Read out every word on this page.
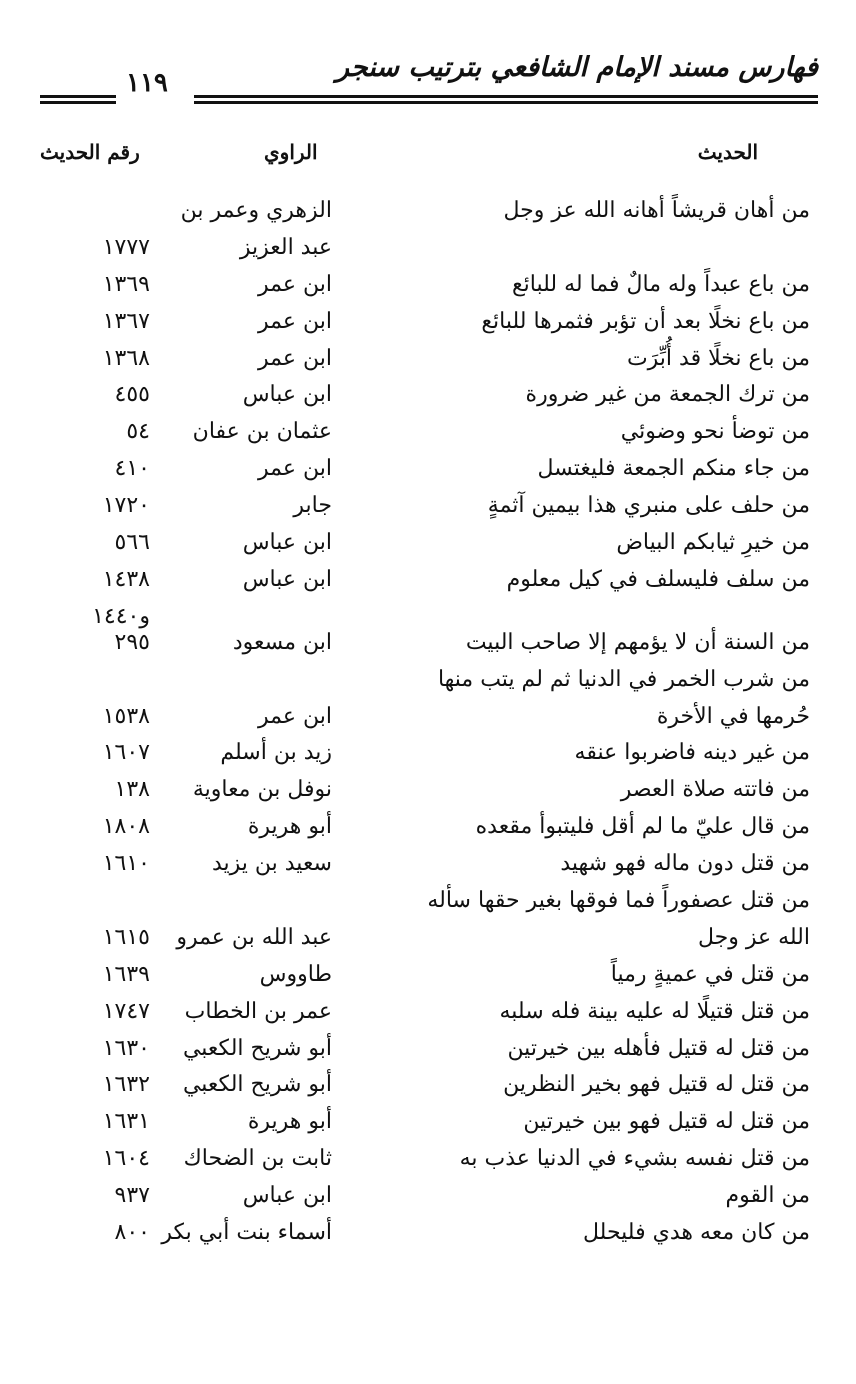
فهارس مسند الإمام الشافعي بترتيب سنجر
١١٩
الحديث
الراوي
رقم الحديث
من أهان قريشاً أهانه الله عز وجل
الزهري وعمر بن
عبد العزيز
١٧٧٧
من باع عبداً وله مالٌ فما له للبائع
ابن عمر
١٣٦٩
من باع نخلًا بعد أن تؤبر فثمرها للبائع
ابن عمر
١٣٦٧
من باع نخلًا قد أُبِّرَت
ابن عمر
١٣٦٨
من ترك الجمعة من غير ضرورة
ابن عباس
٤٥٥
من توضأ نحو وضوئي
عثمان بن عفان
٥٤
من جاء منكم الجمعة فليغتسل
ابن عمر
٤١٠
من حلف على منبري هذا بيمين آثمةٍ
جابر
١٧٢٠
من خيرِ ثيابكم البياض
ابن عباس
٥٦٦
من سلف فليسلف في كيل معلوم
ابن عباس
١٤٣٨
و١٤٤٠
من السنة أن لا يؤمهم إلا صاحب البيت
ابن مسعود
٢٩٥
من شرب الخمر في الدنيا ثم لم يتب منها
حُرمها في الأخرة
ابن عمر
١٥٣٨
من غير دينه فاضربوا عنقه
زيد بن أسلم
١٦٠٧
من فاتته صلاة العصر
نوفل بن معاوية
١٣٨
من قال عليّ ما لم أقل فليتبوأ مقعده
أبو هريرة
١٨٠٨
من قتل دون ماله فهو شهيد
سعيد بن يزيد
١٦١٠
من قتل عصفوراً فما فوقها بغير حقها سأله
الله عز وجل
عبد الله بن عمرو
١٦١٥
من قتل في عميةٍ رمياً
طاووس
١٦٣٩
من قتل قتيلًا له عليه بينة فله سلبه
عمر بن الخطاب
١٧٤٧
من قتل له قتيل فأهله بين خيرتين
أبو شريح الكعبي
١٦٣٠
من قتل له قتيل فهو بخير النظرين
أبو شريح الكعبي
١٦٣٢
من قتل له قتيل فهو بين خيرتين
أبو هريرة
١٦٣١
من قتل نفسه بشيء في الدنيا عذب به
ثابت بن الضحاك
١٦٠٤
من القوم
ابن عباس
٩٣٧
من كان معه هدي فليحلل
أسماء بنت أبي بكر
٨٠٠
